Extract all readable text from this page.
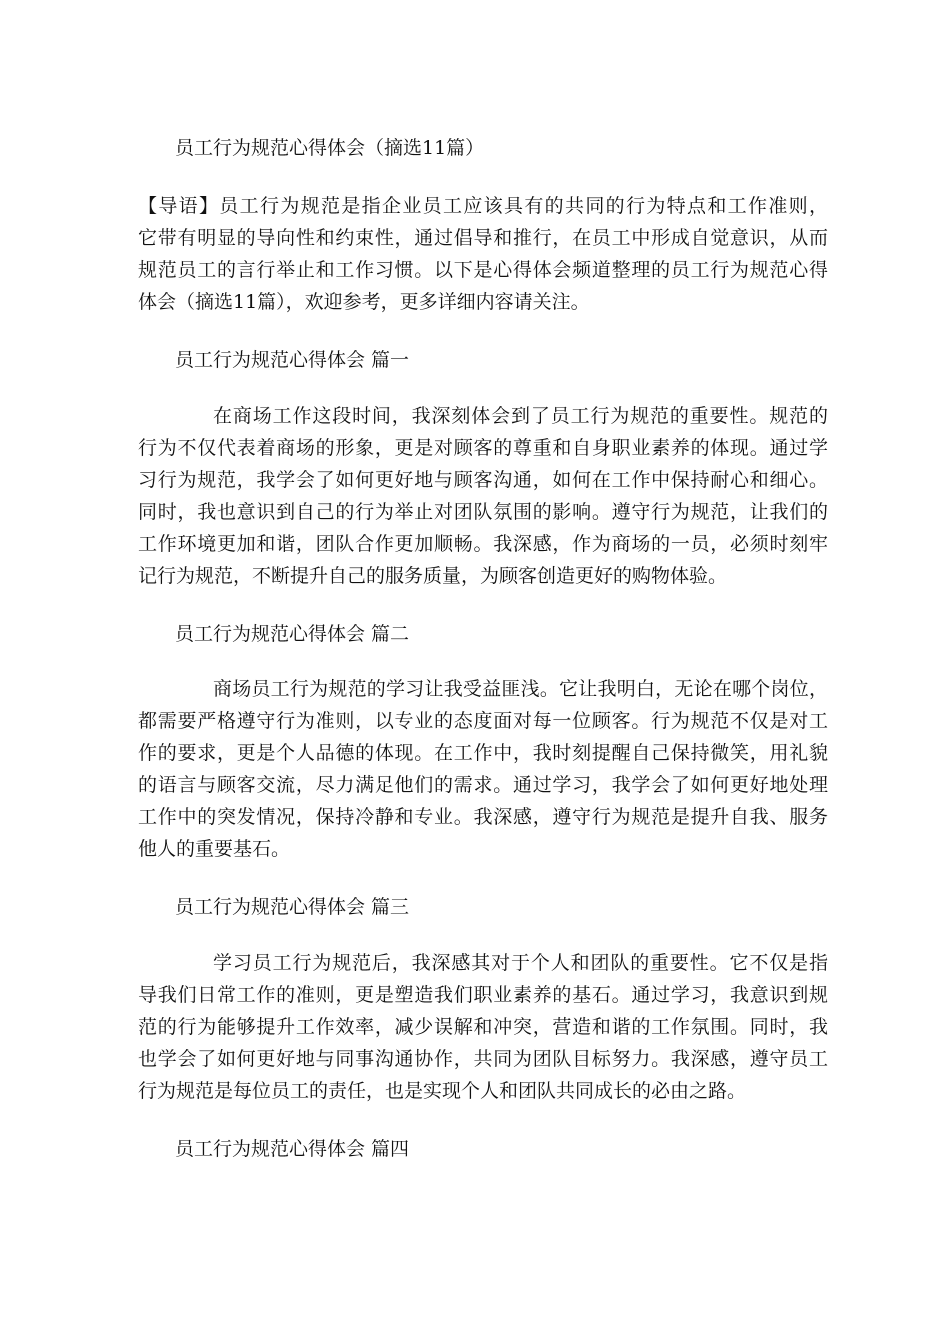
员工行为规范心得体会（摘选11篇）
【导语】员工行为规范是指企业员工应该具有的共同的行为特点和工作准则，
它带有明显的导向性和约束性，通过倡导和推行，在员工中形成自觉意识，从而
规范员工的言行举止和工作习惯。以下是心得体会频道整理的员工行为规范心得
体会（摘选11篇），欢迎参考，更多详细内容请关注。
员工行为规范心得体会 篇一
在商场工作这段时间，我深刻体会到了员工行为规范的重要性。规范的
行为不仅代表着商场的形象，更是对顾客的尊重和自身职业素养的体现。通过学
习行为规范，我学会了如何更好地与顾客沟通，如何在工作中保持耐心和细心。
同时，我也意识到自己的行为举止对团队氛围的影响。遵守行为规范，让我们的
工作环境更加和谐，团队合作更加顺畅。我深感，作为商场的一员，必须时刻牢
记行为规范，不断提升自己的服务质量，为顾客创造更好的购物体验。
员工行为规范心得体会 篇二
商场员工行为规范的学习让我受益匪浅。它让我明白，无论在哪个岗位，
都需要严格遵守行为准则，以专业的态度面对每一位顾客。行为规范不仅是对工
作的要求，更是个人品德的体现。在工作中，我时刻提醒自己保持微笑，用礼貌
的语言与顾客交流，尽力满足他们的需求。通过学习，我学会了如何更好地处理
工作中的突发情况，保持冷静和专业。我深感，遵守行为规范是提升自我、服务
他人的重要基石。
员工行为规范心得体会 篇三
学习员工行为规范后，我深感其对于个人和团队的重要性。它不仅是指
导我们日常工作的准则，更是塑造我们职业素养的基石。通过学习，我意识到规
范的行为能够提升工作效率，减少误解和冲突，营造和谐的工作氛围。同时，我
也学会了如何更好地与同事沟通协作，共同为团队目标努力。我深感，遵守员工
行为规范是每位员工的责任，也是实现个人和团队共同成长的必由之路。
员工行为规范心得体会 篇四
